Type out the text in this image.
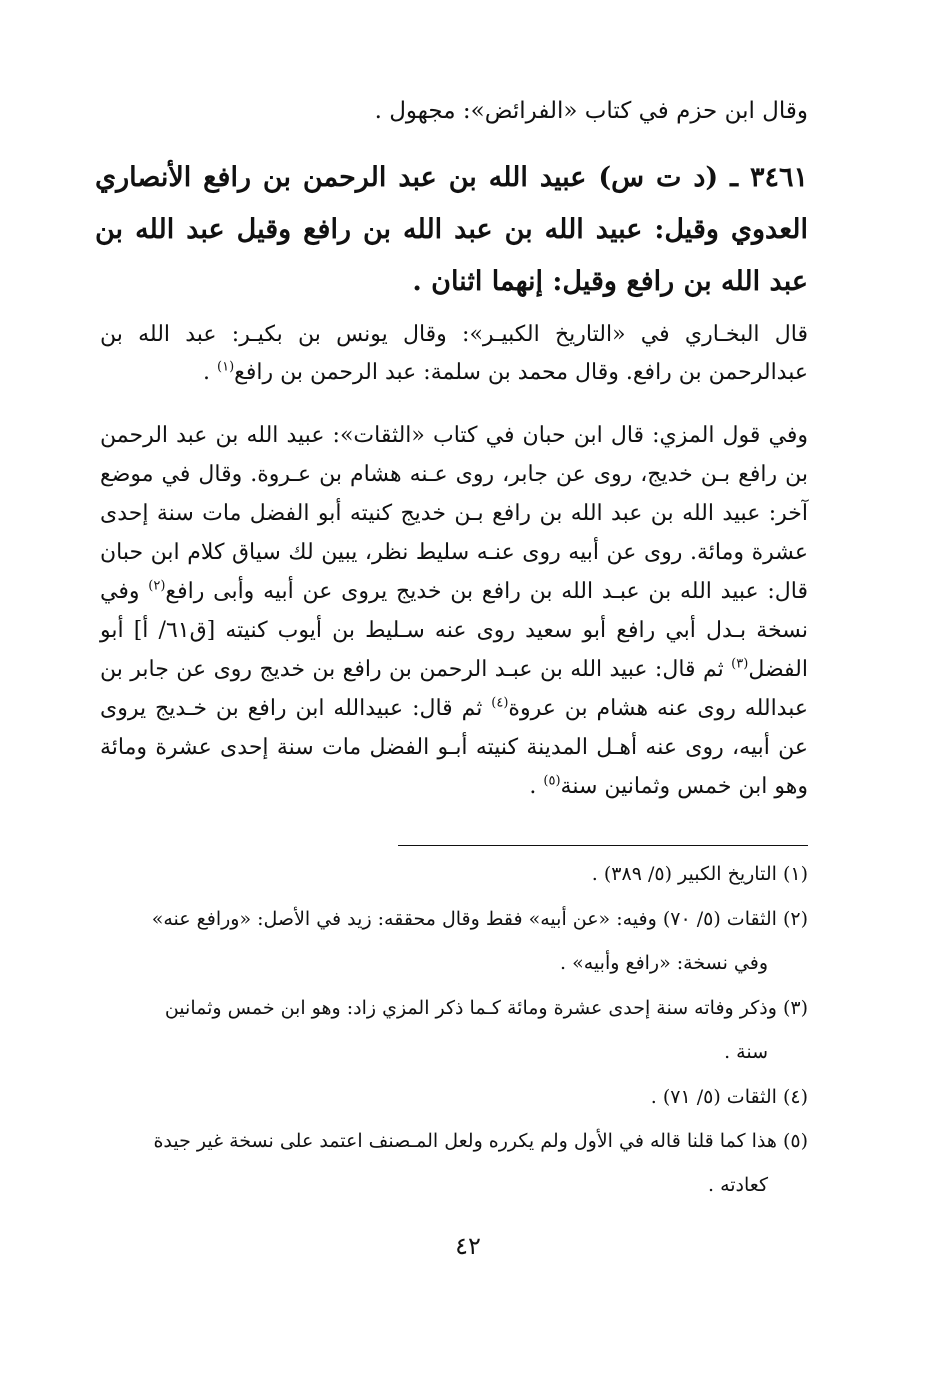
وقال ابن حزم في كتاب «الفرائض»: مجهول .
٣٤٦١ ـ (د ت س) عبيد الله بن عبد الرحمن بن رافع الأنصاري العدوي وقيل: عبيد الله بن عبد الله بن رافع وقيل عبد الله بن عبد الله بن رافع وقيل: إنهما اثنان .
قال البخـاري في «التاريخ الكبيـر»: وقال يونس بن بكيـر: عبد الله بن عبدالرحمن بن رافع. وقال محمد بن سلمة: عبد الرحمن بن رافع$^{(١)}$ .
وفي قول المزي: قال ابن حبان في كتاب «الثقات»: عبيد الله بن عبد الرحمن بن رافع بـن خديج، روى عن جابر، روى عـنه هشام بن عـروة. وقال في موضع آخر: عبيد الله بن عبد الله بن رافع بـن خديج كنيته أبو الفضل مات سنة إحدى عشرة ومائة. روى عن أبيه روى عنـه سليط نظر، يبين لك سياق كلام ابن حبان قال: عبيد الله بن عبـد الله بن رافع بن خديج يروى عن أبيه وأبى رافع$^{(٢)}$ وفي نسخة بـدل أبي رافع أبو سعيد روى عنه سـليط بن أيوب كنيته [ق٦١/ أ] أبو الفضل$^{(٣)}$ ثم قال: عبيد الله بن عبـد الرحمن بن رافع بن خديج روى عن جابر بن عبدالله روى عنه هشام بن عروة$^{(٤)}$ ثم قال: عبيدالله ابن رافع بن خـديج يروى عن أبيه، روى عنه أهـل المدينة كنيته أبـو الفضل مات سنة إحدى عشرة ومائة وهو ابن خمس وثمانين سنة$^{(٥)}$ .
(١) التاريخ الكبير (٥/ ٣٨٩) .
(٢) الثقات (٥/ ٧٠) وفيه: «عن أبيه» فقط وقال محققه: زيد في الأصل: «ورافع عنه»
وفي نسخة: «رافع وأبيه» .
(٣) وذكر وفاته سنة إحدى عشرة ومائة كـما ذكر المزي زاد: وهو ابن خمس وثمانين
سنة .
(٤) الثقات (٥/ ٧١) .
(٥) هذا كما قلنا قاله في الأول ولم يكرره ولعل المـصنف اعتمد على نسخة غير جيدة
كعادته .
٤٢
